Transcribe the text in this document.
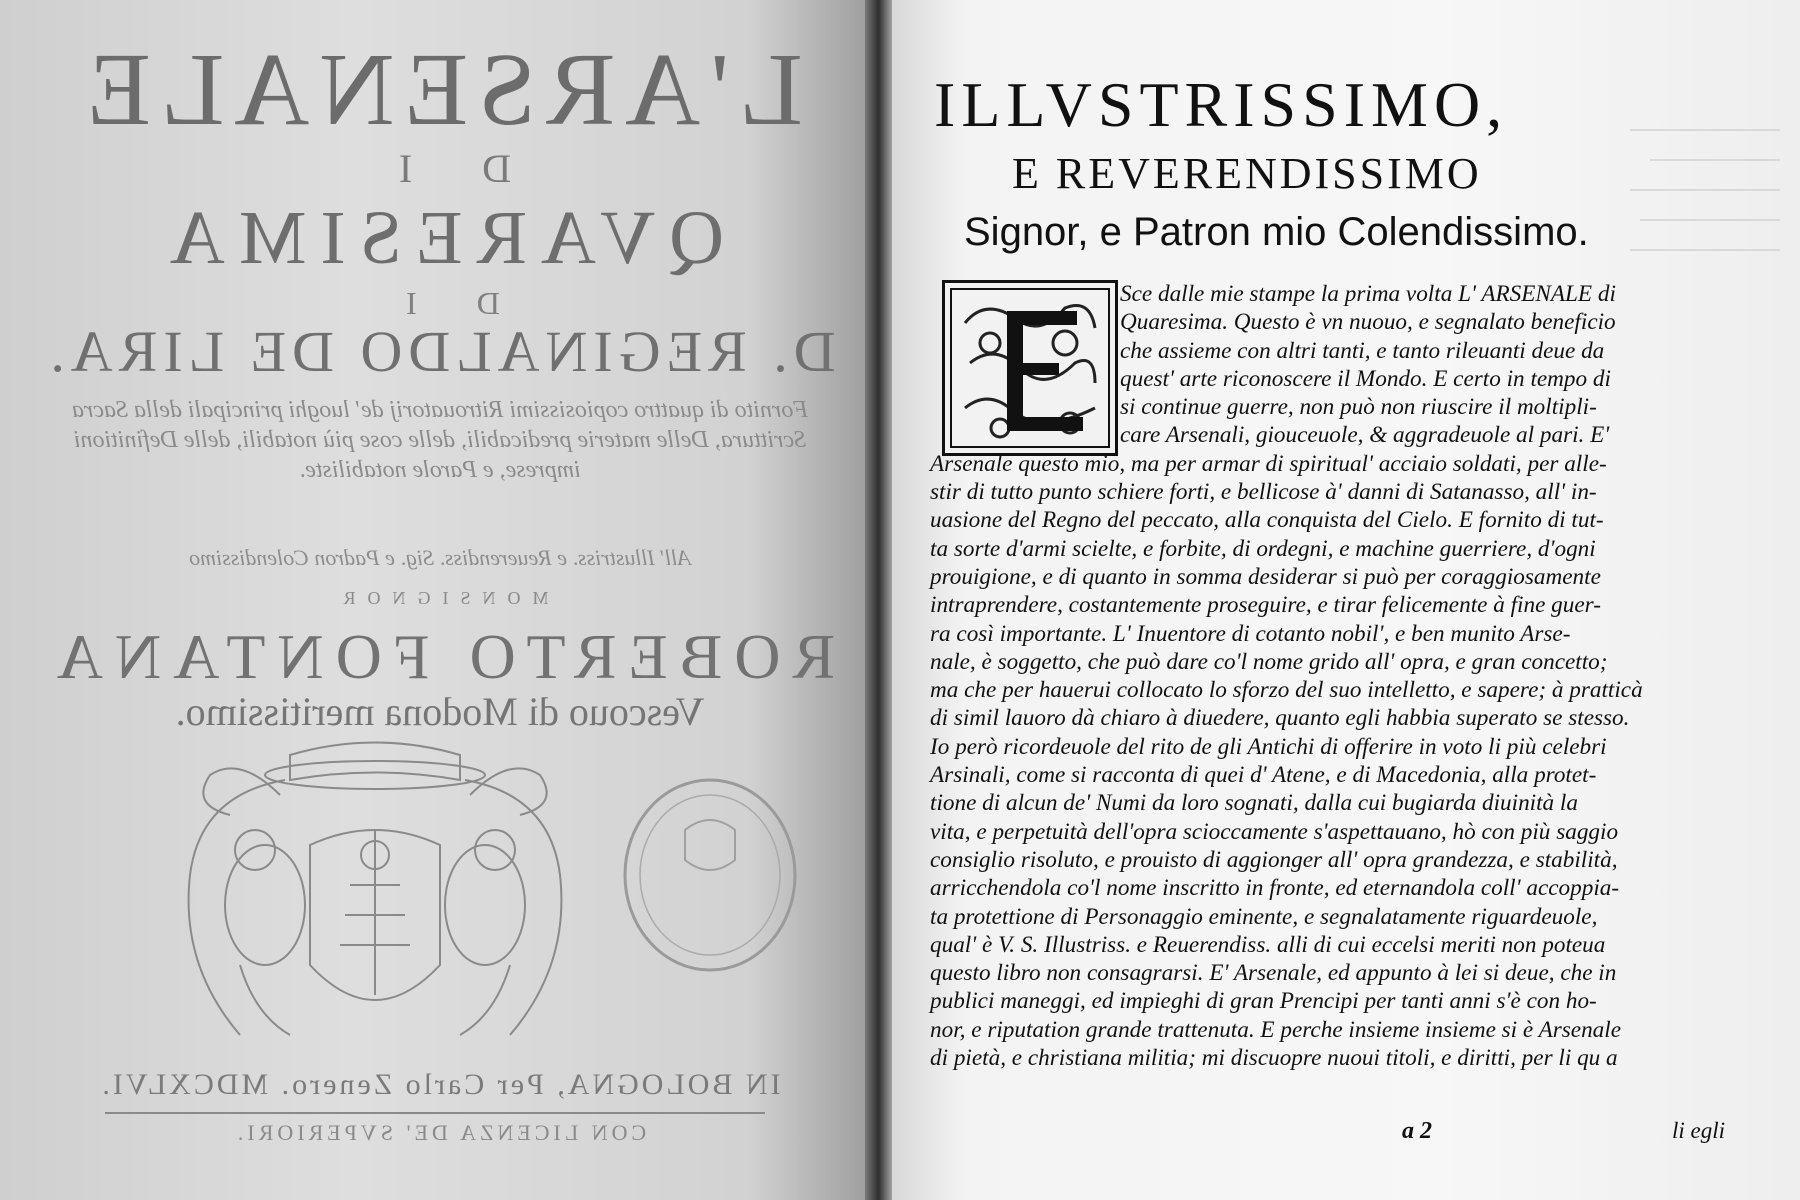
L'ARSENALE
D I
QVARESIMA
D I
D. REGINALDO DE LIRA.
Fornito di quattro copiosissimi Ritrouatorij de' luoghi principali della Sacra Scrittura, Delle materie predicabili, delle cose più notabili, delle Definitioni imprese, e Parole notabiliste.
All' Illustriss. e Reuerendiss. Sig. e Padron Colendissimo
MONSIGNOR
ROBERTO FONTANA
Vescouo di Modona meritissimo.
IN BOLOGNA, Per Carlo Zenero. MDCXLVI.
CON LICENZA DE' SVPERIORI.
ILLVSTRISSIMO,
E REVERENDISSIMO
Signor, e Patron mio Colendissimo.
Sce dalle mie stampe la prima volta L' ARSENALE di
Quaresima. Questo è vn nuouo, e segnalato beneficio
che assieme con altri tanti, e tanto rileuanti deue da
quest' arte riconoscere il Mondo. E certo in tempo di
si continue guerre, non può non riuscire il moltipli-
care Arsenali, giouceuole, & aggradeuole al pari. E'
Arsenale questo mio, ma per armar di spiritual' acciaio soldati, per alle-
stir di tutto punto schiere forti, e bellicose à' danni di Satanasso, all' in-
uasione del Regno del peccato, alla conquista del Cielo. E fornito di tut-
ta sorte d'armi scielte, e forbite, di ordegni, e machine guerriere, d'ogni
prouigione, e di quanto in somma desiderar si può per coraggiosamente
intraprendere, costantemente proseguire, e tirar felicemente à fine guer-
ra così importante. L' Inuentore di cotanto nobil', e ben munito Arse-
nale, è soggetto, che può dare co'l nome grido all' opra, e gran concetto;
ma che per hauerui collocato lo sforzo del suo intelletto, e sapere; à pratticà
di simil lauoro dà chiaro à diuedere, quanto egli habbia superato se stesso.
Io però ricordeuole del rito de gli Antichi di offerire in voto li più celebri
Arsinali, come si racconta di quei d' Atene, e di Macedonia, alla protet-
tione di alcun de' Numi da loro sognati, dalla cui bugiarda diuinità la
vita, e perpetuità dell'opra scioccamente s'aspettauano, hò con più saggio
consiglio risoluto, e prouisto di aggionger all' opra grandezza, e stabilità,
arricchendola co'l nome inscritto in fronte, ed eternandola coll' accoppia-
ta protettione di Personaggio eminente, e segnalatamente riguardeuole,
qual' è V. S. Illustriss. e Reuerendiss. alli di cui eccelsi meriti non poteua
questo libro non consagrarsi. E' Arsenale, ed appunto à lei si deue, che in
publici maneggi, ed impieghi di gran Prencipi per tanti anni s'è con ho-
nor, e riputation grande trattenuta. E perche insieme insieme si è Arsenale
di pietà, e christiana militia; mi discuopre nuoui titoli, e diritti, per li qu a
a 2	li egli
